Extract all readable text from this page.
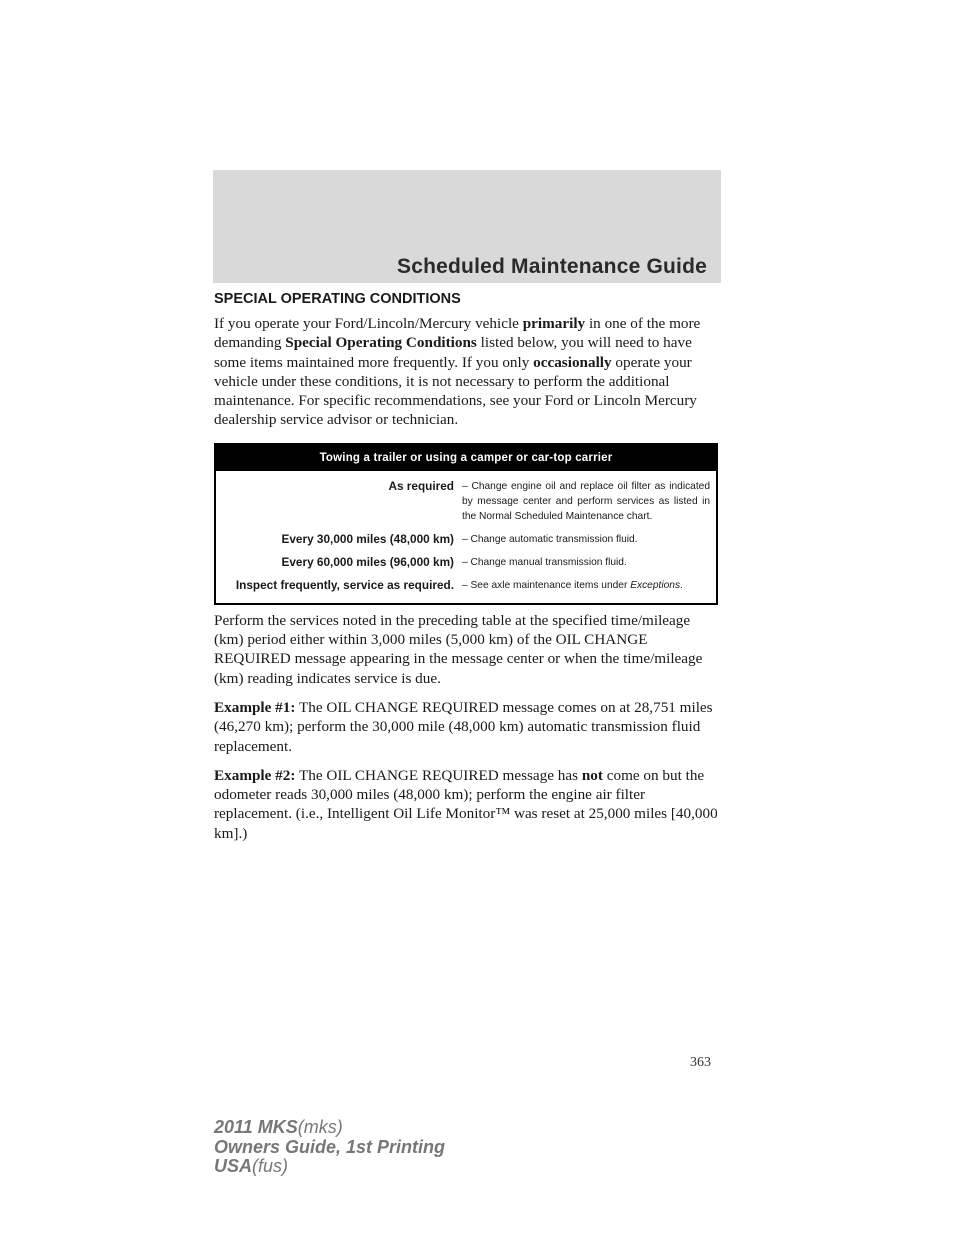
Scheduled Maintenance Guide
SPECIAL OPERATING CONDITIONS

If you operate your Ford/Lincoln/Mercury vehicle primarily in one of the more demanding Special Operating Conditions listed below, you will need to have some items maintained more frequently. If you only occasionally operate your vehicle under these conditions, it is not necessary to perform the additional maintenance. For specific recommendations, see your Ford or Lincoln Mercury dealership service advisor or technician.

Towing a trailer or using a camper or car-top carrier
As required – Change engine oil and replace oil filter as indicated by message center and perform services as listed in the Normal Scheduled Maintenance chart.
Every 30,000 miles (48,000 km) – Change automatic transmission fluid.
Every 60,000 miles (96,000 km) – Change manual transmission fluid.
Inspect frequently, service as required. – See axle maintenance items under Exceptions.

Perform the services noted in the preceding table at the specified time/mileage (km) period either within 3,000 miles (5,000 km) of the OIL CHANGE REQUIRED message appearing in the message center or when the time/mileage (km) reading indicates service is due.

Example #1: The OIL CHANGE REQUIRED message comes on at 28,751 miles (46,270 km); perform the 30,000 mile (48,000 km) automatic transmission fluid replacement.

Example #2: The OIL CHANGE REQUIRED message has not come on but the odometer reads 30,000 miles (48,000 km); perform the engine air filter replacement. (i.e., Intelligent Oil Life Monitor™ was reset at 25,000 miles [40,000 km].)

363
2011 MKS(mks)
Owners Guide, 1st Printing
USA(fus)
